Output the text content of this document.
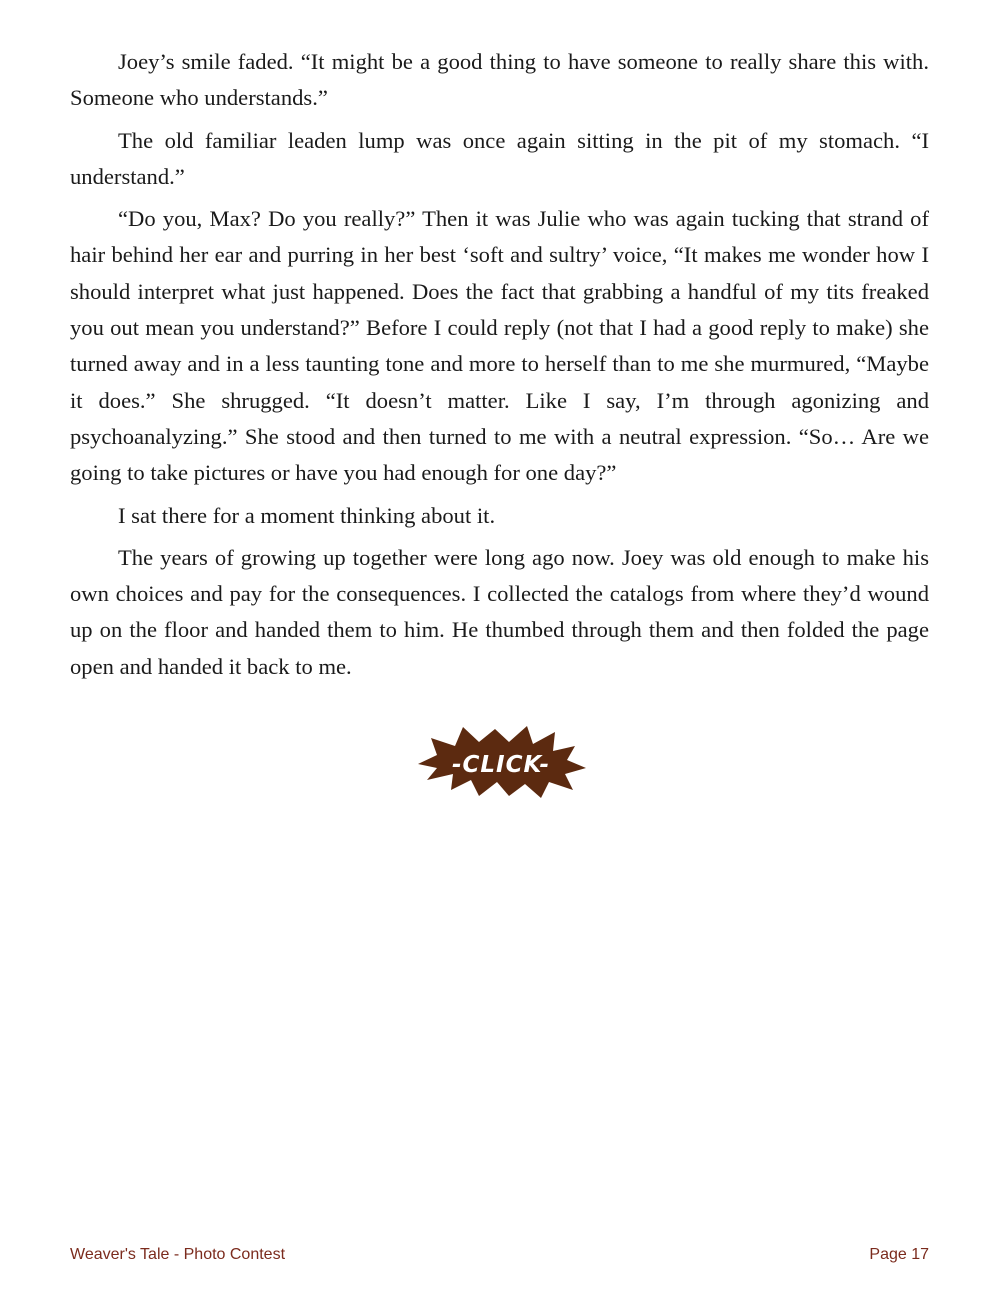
Joey’s smile faded. “It might be a good thing to have someone to really share this with. Someone who understands.”

The old familiar leaden lump was once again sitting in the pit of my stomach. “I understand.”

“Do you, Max? Do you really?” Then it was Julie who was again tucking that strand of hair behind her ear and purring in her best ‘soft and sultry’ voice, “It makes me wonder how I should interpret what just happened. Does the fact that grabbing a handful of my tits freaked you out mean you understand?” Before I could reply (not that I had a good reply to make) she turned away and in a less taunting tone and more to herself than to me she murmured, “Maybe it does.” She shrugged. “It doesn’t matter. Like I say, I’m through agonizing and psychoanalyzing.” She stood and then turned to me with a neutral expression. “So… Are we going to take pictures or have you had enough for one day?”

I sat there for a moment thinking about it.

The years of growing up together were long ago now. Joey was old enough to make his own choices and pay for the consequences. I collected the catalogs from where they’d wound up on the floor and handed them to him. He thumbed through them and then folded the page open and handed it back to me.

-CLICK-
Weaver's Tale - Photo Contest	Page 17
